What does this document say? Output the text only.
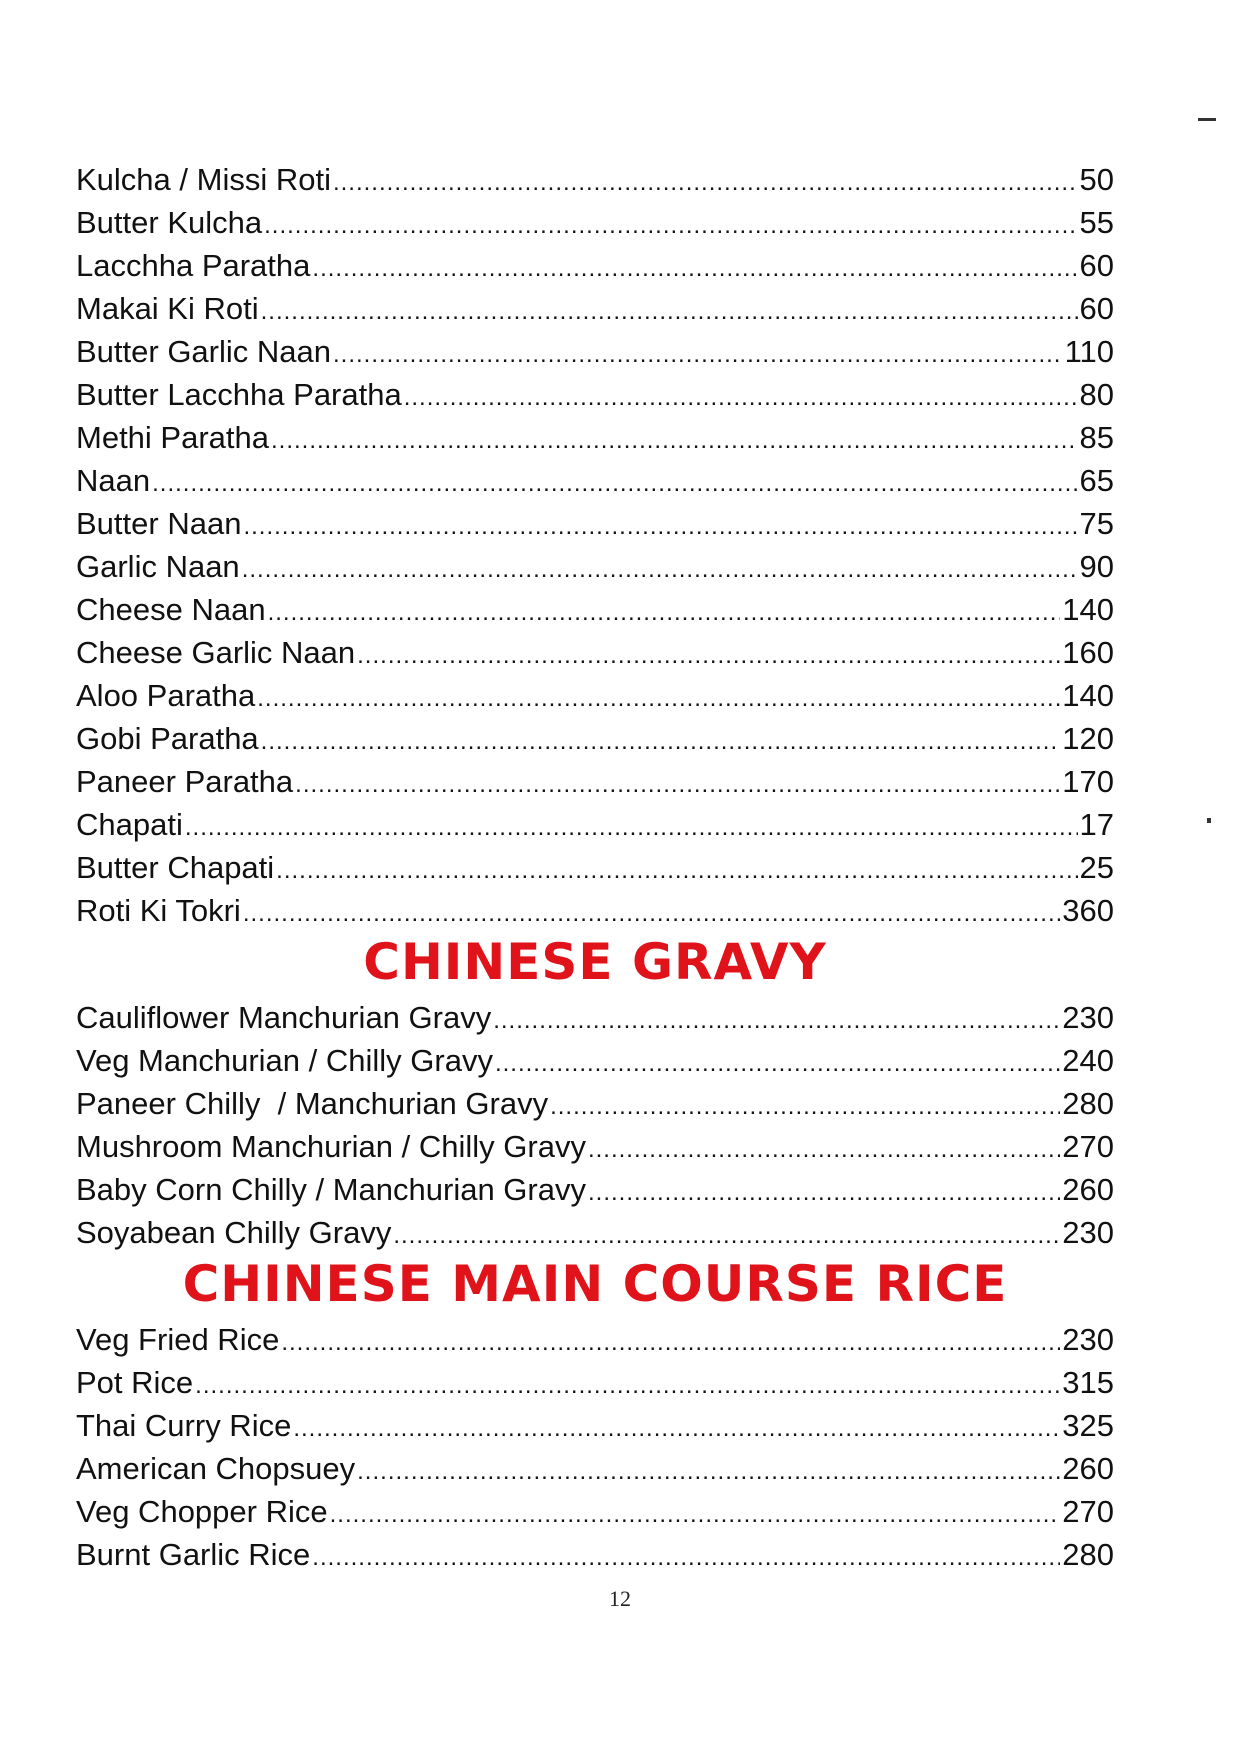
Kulcha / Missi Roti .....	50
Butter Kulcha .....	55
Lacchha Paratha .....	60
Makai Ki Roti .....	60
Butter Garlic Naan .....	110
Butter Lacchha Paratha .....	80
Methi Paratha .....	85
Naan .....	65
Butter Naan .....	75
Garlic Naan .....	90
Cheese Naan .....	140
Cheese Garlic Naan .....	160
Aloo Paratha .....	140
Gobi Paratha .....	120
Paneer Paratha .....	170
Chapati .....	17
Butter Chapati .....	25
Roti Ki Tokri .....	360
CHINESE GRAVY
Cauliflower Manchurian Gravy .....	230
Veg Manchurian / Chilly Gravy .....	240
Paneer Chilly  / Manchurian Gravy .....	280
Mushroom Manchurian / Chilly Gravy .....	270
Baby Corn Chilly / Manchurian Gravy .....	260
Soyabean Chilly Gravy .....	230
CHINESE MAIN COURSE RICE
Veg Fried Rice .....	230
Pot Rice .....	315
Thai Curry Rice .....	325
American Chopsuey .....	260
Veg Chopper Rice .....	270
Burnt Garlic Rice .....	280
12
